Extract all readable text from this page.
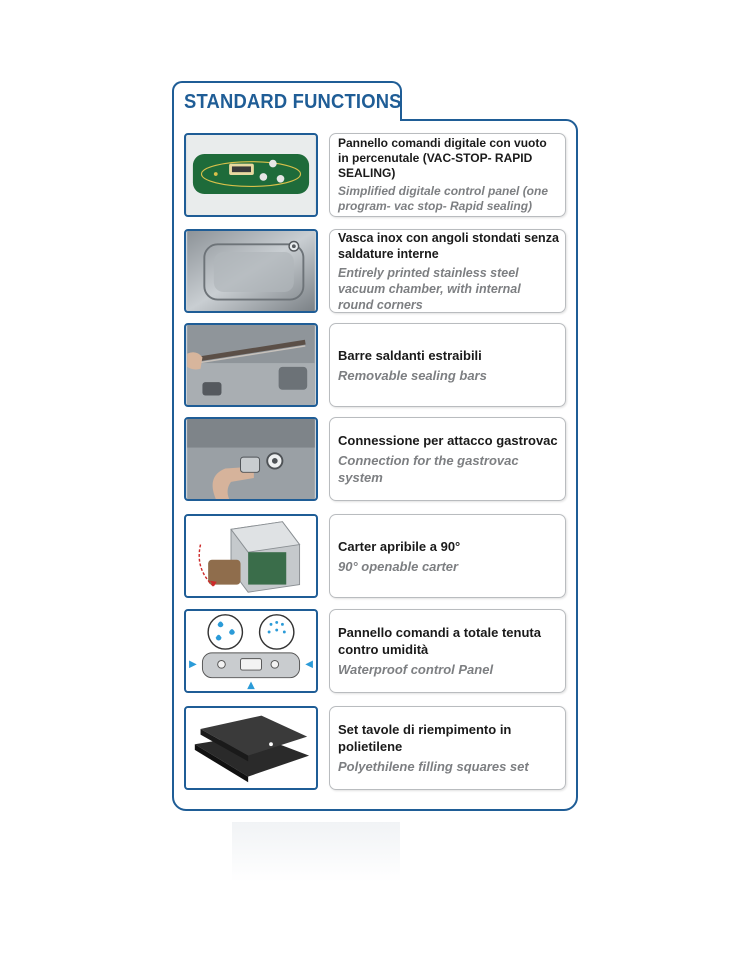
STANDARD FUNCTIONS
Pannello comandi digitale con vuoto in percenutale (VAC-STOP- RAPID SEALING)
Simplified digitale control panel (one program- vac stop- Rapid sealing)
Vasca inox con angoli stondati senza saldature interne
Entirely printed stainless steel vacuum chamber, with internal round corners
Barre saldanti estraibili
Removable sealing bars
Connessione per attacco gastrovac
Connection for the gastrovac system
Carter apribile a 90°
90° openable carter
Pannello comandi a totale tenuta contro umidità
Waterproof control Panel
Set tavole di riempimento in polietilene
Polyethilene filling squares set
